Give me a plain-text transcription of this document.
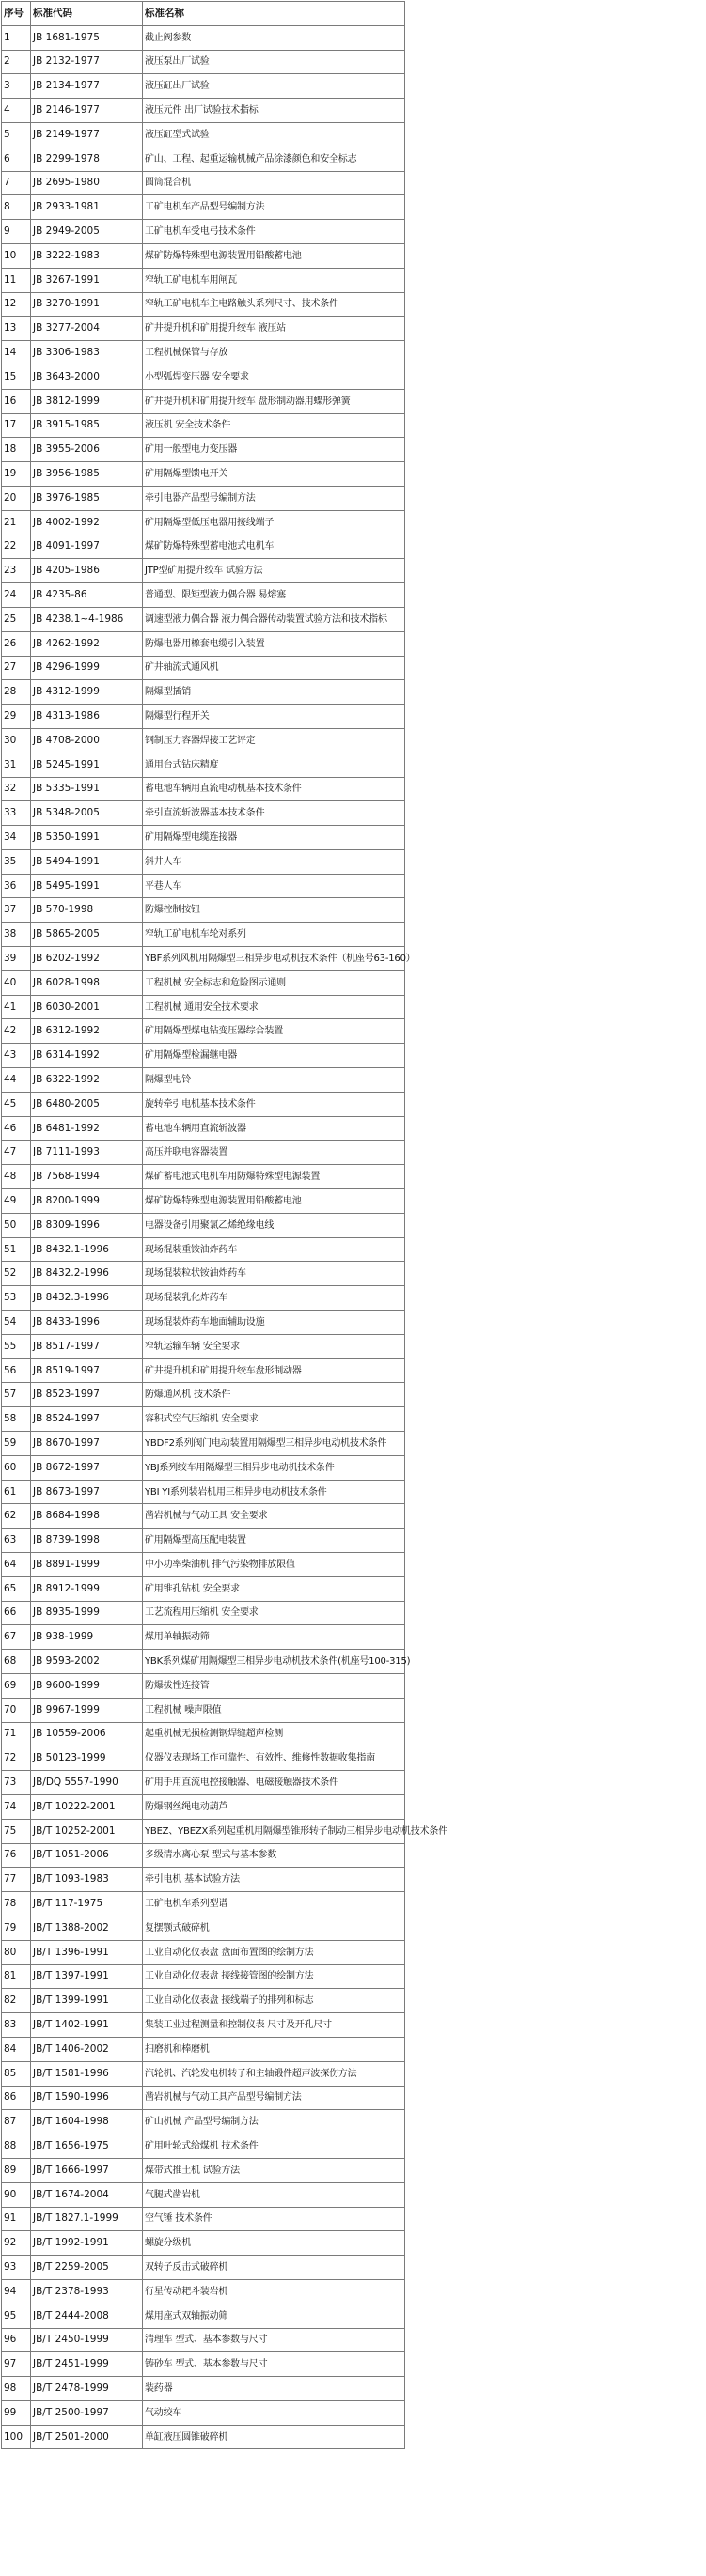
序号	标准代码	标准名称
1	JB 1681-1975	截止阀参数
2	JB 2132-1977	液压泵出厂试验
3	JB 2134-1977	液压缸出厂试验
4	JB 2146-1977	液压元件 出厂试验技术指标
5	JB 2149-1977	液压缸型式试验
6	JB 2299-1978	矿山、工程、起重运输机械产品涂漆颜色和安全标志
7	JB 2695-1980	圆筒混合机
8	JB 2933-1981	工矿电机车产品型号编制方法
9	JB 2949-2005	工矿电机车受电弓技术条件
10	JB 3222-1983	煤矿防爆特殊型电源装置用铅酸蓄电池
11	JB 3267-1991	窄轨工矿电机车用闸瓦
12	JB 3270-1991	窄轨工矿电机车主电路触头系列尺寸、技术条件
13	JB 3277-2004	矿井提升机和矿用提升绞车 液压站
14	JB 3306-1983	工程机械保管与存放
15	JB 3643-2000	小型弧焊变压器 安全要求
16	JB 3812-1999	矿井提升机和矿用提升绞车 盘形制动器用蝶形弹簧
17	JB 3915-1985	液压机 安全技术条件
18	JB 3955-2006	矿用一般型电力变压器
19	JB 3956-1985	矿用隔爆型馈电开关
20	JB 3976-1985	牵引电器产品型号编制方法
21	JB 4002-1992	矿用隔爆型低压电器用接线端子
22	JB 4091-1997	煤矿防爆特殊型蓄电池式电机车
23	JB 4205-1986	JTP型矿用提升绞车 试验方法
24	JB 4235-86	普通型、限矩型液力偶合器 易熔塞
25	JB 4238.1~4-1986	调速型液力偶合器 液力偶合器传动装置试验方法和技术指标
26	JB 4262-1992	防爆电器用橡套电缆引入装置
27	JB 4296-1999	矿井轴流式通风机
28	JB 4312-1999	隔爆型插销
29	JB 4313-1986	隔爆型行程开关
30	JB 4708-2000	钢制压力容器焊接工艺评定
31	JB 5245-1991	通用台式钻床精度
32	JB 5335-1991	蓄电池车辆用直流电动机基本技术条件
33	JB 5348-2005	牵引直流斩波器基本技术条件
34	JB 5350-1991	矿用隔爆型电缆连接器
35	JB 5494-1991	斜井人车
36	JB 5495-1991	平巷人车
37	JB 570-1998	防爆控制按钮
38	JB 5865-2005	窄轨工矿电机车轮对系列
39	JB 6202-1992	YBF系列风机用隔爆型三相异步电动机技术条件（机座号63-160）
40	JB 6028-1998	工程机械 安全标志和危险图示通则
41	JB 6030-2001	工程机械 通用安全技术要求
42	JB 6312-1992	矿用隔爆型煤电钻变压器综合装置
43	JB 6314-1992	矿用隔爆型检漏继电器
44	JB 6322-1992	隔爆型电铃
45	JB 6480-2005	旋转牵引电机基本技术条件
46	JB 6481-1992	蓄电池车辆用直流斩波器
47	JB 7111-1993	高压并联电容器装置
48	JB 7568-1994	煤矿蓄电池式电机车用防爆特殊型电源装置
49	JB 8200-1999	煤矿防爆特殊型电源装置用铅酸蓄电池
50	JB 8309-1996	电器设备引用聚氯乙烯绝缘电线
51	JB 8432.1-1996	现场混装重铵油炸药车
52	JB 8432.2-1996	现场混装粒状铵油炸药车
53	JB 8432.3-1996	现场混装乳化炸药车
54	JB 8433-1996	现场混装炸药车地面辅助设施
55	JB 8517-1997	窄轨运输车辆 安全要求
56	JB 8519-1997	矿井提升机和矿用提升绞车盘形制动器
57	JB 8523-1997	防爆通风机 技术条件
58	JB 8524-1997	容积式空气压缩机 安全要求
59	JB 8670-1997	YBDF2系列阀门电动装置用隔爆型三相异步电动机技术条件
60	JB 8672-1997	YBJ系列绞车用隔爆型三相异步电动机技术条件
61	JB 8673-1997	YBI YI系列装岩机用三相异步电动机技术条件
62	JB 8684-1998	凿岩机械与气动工具 安全要求
63	JB 8739-1998	矿用隔爆型高压配电装置
64	JB 8891-1999	中小功率柴油机 排气污染物排放限值
65	JB 8912-1999	矿用锥孔钻机 安全要求
66	JB 8935-1999	工艺流程用压缩机 安全要求
67	JB 938-1999	煤用单轴振动筛
68	JB 9593-2002	YBK系列煤矿用隔爆型三相异步电动机技术条件(机座号100-315)
69	JB 9600-1999	防爆拔性连接管
70	JB 9967-1999	工程机械 噪声限值
71	JB 10559-2006	起重机械无损检测钢焊缝超声检测
72	JB 50123-1999	仪器仪表现场工作可靠性、有效性、维修性数据收集指南
73	JB/DQ 5557-1990	矿用手用直流电控接触器、电磁接触器技术条件
74	JB/T 10222-2001	防爆钢丝绳电动葫芦
75	JB/T 10252-2001	YBEZ、YBEZX系列起重机用隔爆型锥形转子制动三相异步电动机技术条件
76	JB/T 1051-2006	多级清水离心泵 型式与基本参数
77	JB/T 1093-1983	牵引电机 基本试验方法
78	JB/T 117-1975	工矿电机车系列型谱
79	JB/T 1388-2002	复摆颚式破碎机
80	JB/T 1396-1991	工业自动化仪表盘 盘面布置图的绘制方法
81	JB/T 1397-1991	工业自动化仪表盘 接线接管图的绘制方法
82	JB/T 1399-1991	工业自动化仪表盘 接线端子的排列和标志
83	JB/T 1402-1991	集装工业过程测量和控制仪表 尺寸及开孔尺寸
84	JB/T 1406-2002	扫磨机和棒磨机
85	JB/T 1581-1996	汽轮机、汽轮发电机转子和主轴锻件超声波探伤方法
86	JB/T 1590-1996	凿岩机械与气动工具产品型号编制方法
87	JB/T 1604-1998	矿山机械 产品型号编制方法
88	JB/T 1656-1975	矿用叶轮式给煤机 技术条件
89	JB/T 1666-1997	煤带式推土机 试验方法
90	JB/T 1674-2004	气腿式凿岩机
91	JB/T 1827.1-1999	空气锤 技术条件
92	JB/T 1992-1991	螺旋分级机
93	JB/T 2259-2005	双转子反击式破碎机
94	JB/T 2378-1993	行星传动耙斗装岩机
95	JB/T 2444-2008	煤用座式双轴振动筛
96	JB/T 2450-1999	清理车 型式、基本参数与尺寸
97	JB/T 2451-1999	铸砂车 型式、基本参数与尺寸
98	JB/T 2478-1999	装药器
99	JB/T 2500-1997	气动绞车
100	JB/T 2501-2000	单缸液压圆锥破碎机
